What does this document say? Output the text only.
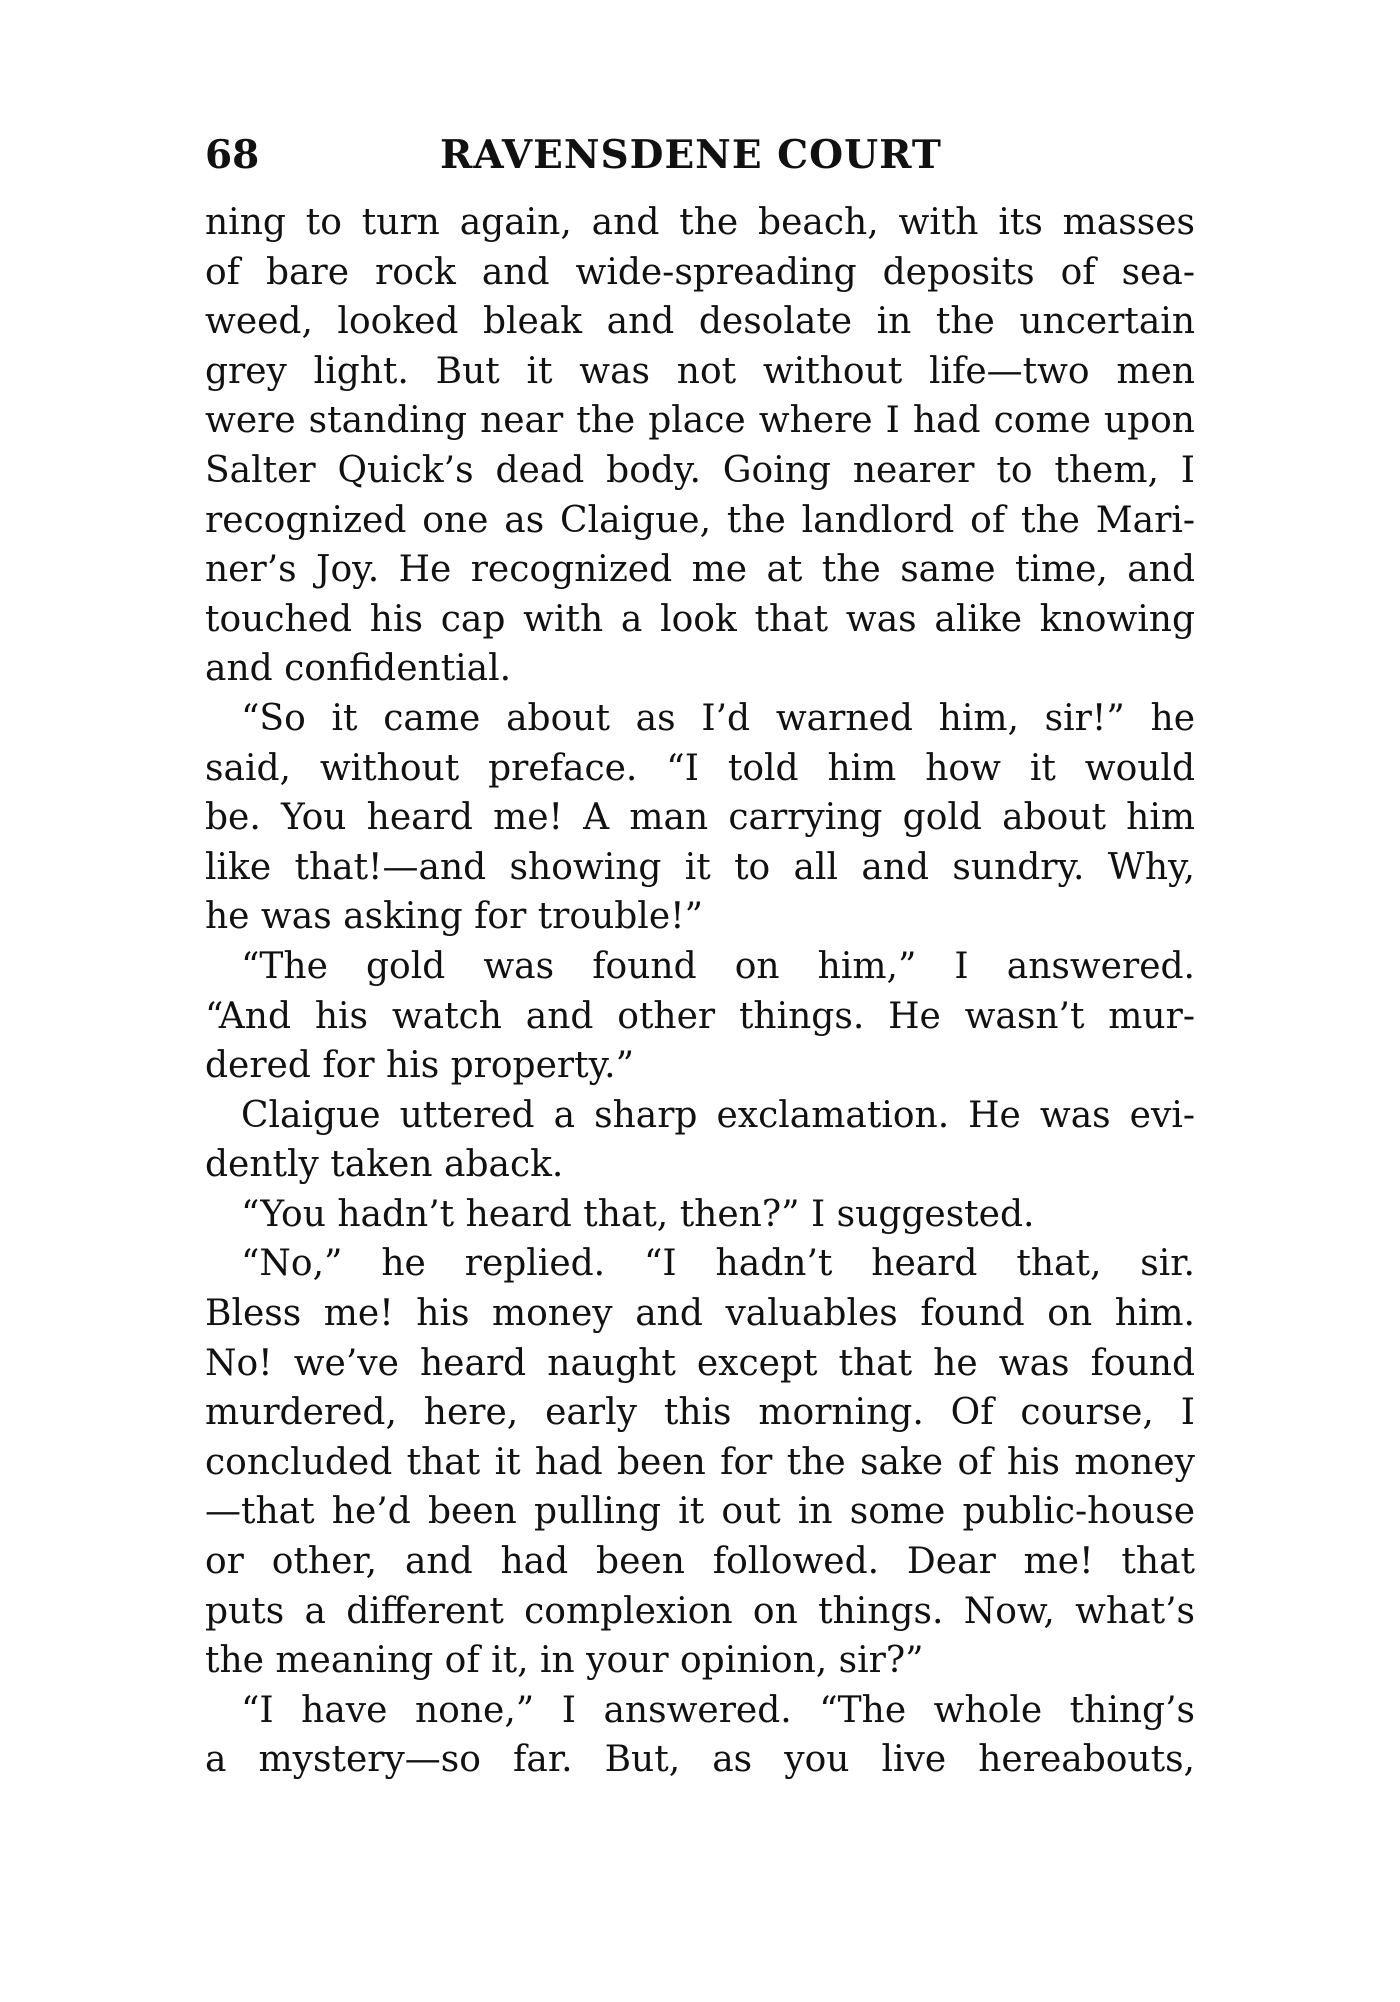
68	RAVENSDENE COURT
ning to turn again, and the beach, with its masses
of bare rock and wide-spreading deposits of sea-
weed, looked bleak and desolate in the uncertain
grey light. But it was not without life—two men
were standing near the place where I had come upon
Salter Quick’s dead body. Going nearer to them, I
recognized one as Claigue, the landlord of the Mari-
ner’s Joy. He recognized me at the same time, and
touched his cap with a look that was alike knowing
and confidential.
“So it came about as I’d warned him, sir!” he
said, without preface. “I told him how it would
be. You heard me! A man carrying gold about him
like that!—and showing it to all and sundry. Why,
he was asking for trouble!”
“The gold was found on him,” I answered.
“And his watch and other things. He wasn’t mur-
dered for his property.”
Claigue uttered a sharp exclamation. He was evi-
dently taken aback.
“You hadn’t heard that, then?” I suggested.
“No,” he replied. “I hadn’t heard that, sir.
Bless me! his money and valuables found on him.
No! we’ve heard naught except that he was found
murdered, here, early this morning. Of course, I
concluded that it had been for the sake of his money
—that he’d been pulling it out in some public-house
or other, and had been followed. Dear me! that
puts a different complexion on things. Now, what’s
the meaning of it, in your opinion, sir?”
“I have none,” I answered. “The whole thing’s
a mystery—so far. But, as you live hereabouts,
